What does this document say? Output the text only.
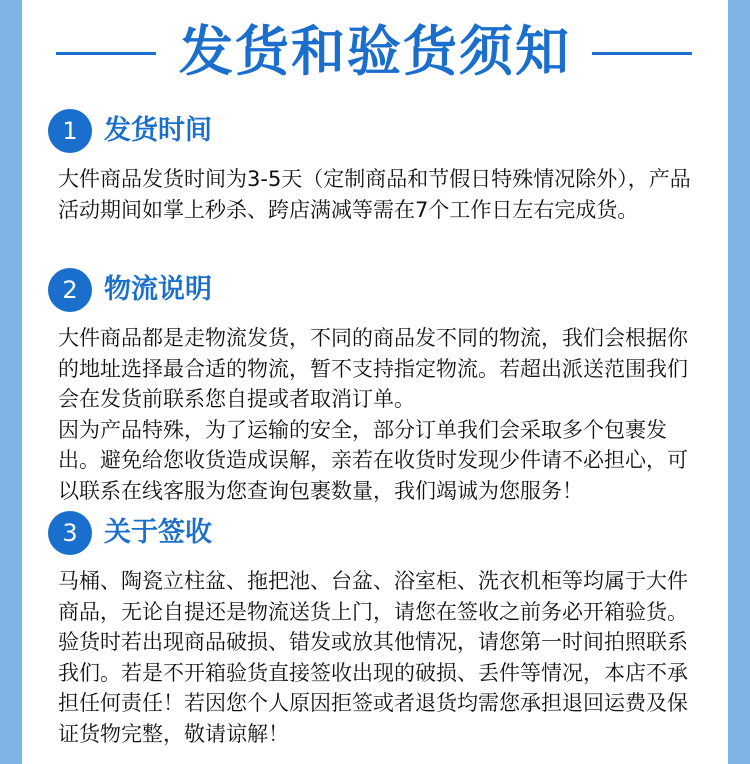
发货和验货须知
1 发货时间

大件商品发货时间为3-5天（定制商品和节假日特殊情况除外），产品活动期间如掌上秒杀、跨店满减等需在7个工作日左右完成货。

2 物流说明

大件商品都是走物流发货，不同的商品发不同的物流，我们会根据你的地址选择最合适的物流，暂不支持指定物流。若超出派送范围我们会在发货前联系您自提或者取消订单。

因为产品特殊，为了运输的安全，部分订单我们会采取多个包裹发出。避免给您收货造成误解，亲若在收货时发现少件请不必担心，可以联系在线客服为您查询包裹数量，我们竭诚为您服务！

3 关于签收

马桶、陶瓷立柱盆、拖把池、台盆、浴室柜、洗衣机柜等均属于大件商品，无论自提还是物流送货上门，请您在签收之前务必开箱验货。验货时若出现商品破损、错发或放其他情况，请您第一时间拍照联系我们。若是不开箱验货直接签收出现的破损、丢件等情况，本店不承担任何责任！若因您个人原因拒签或者退货均需您承担退回运费及保证货物完整，敬请谅解！
